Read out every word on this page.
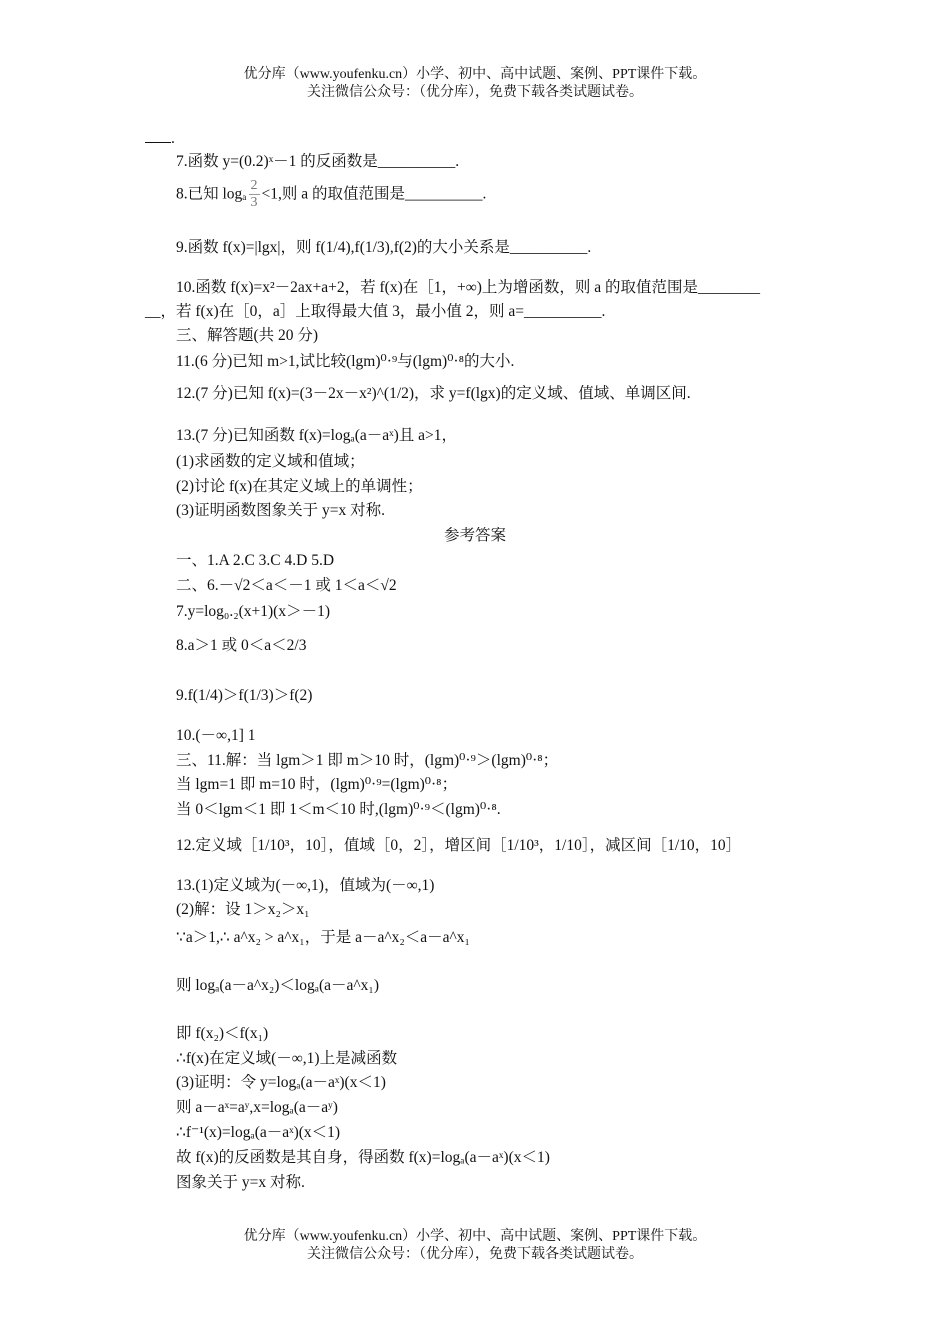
优分库（www.youfenku.cn）小学、初中、高中试题、案例、PPT课件下载。
关注微信公众号：（优分库），免费下载各类试题试卷。
.
7.函数 y=(0.2)ˣ－1 的反函数是__________.
8.已知 logₐ $\frac{2}{3} <1$,则 a 的取值范围是__________.
9.函数 f(x)=|lgx|，则 f(1/4),f(1/3),f(2)的大小关系是__________.
10.函数 f(x)=x²－2ax+a+2，若 f(x)在［1，+∞)上为增函数，则 a 的取值范围是________
__，若 f(x)在［0，a］上取得最大值 3，最小值 2，则 a=__________.
三、解答题(共 20 分)
11.(6 分)已知 m>1,试比较(lgm)⁰·⁹与(lgm)⁰·⁸的大小.
12.(7 分)已知 f(x)=(3－2x－x²)^(1/2)，求 y=f(lgx)的定义域、值域、单调区间.
13.(7 分)已知函数 f(x)=logₐ(a－aˣ)且 a>1，
(1)求函数的定义域和值域；
(2)讨论 f(x)在其定义域上的单调性；
(3)证明函数图象关于 y=x 对称.
参考答案
一、1.A 2.C 3.C 4.D 5.D
二、6.－√2＜a＜－1 或 1＜a＜√2
7.y=log₀.₂(x+1)(x＞－1)
8.a＞1 或 0＜a＜2/3
9.f(1/4)＞f(1/3)＞f(2)
10.(－∞,1] 1
三、11.解：当 lgm＞1 即 m＞10 时，(lgm)⁰·⁹＞(lgm)⁰·⁸；
当 lgm=1 即 m=10 时，(lgm)⁰·⁹=(lgm)⁰·⁸；
当 0＜lgm＜1 即 1＜m＜10 时,(lgm)⁰·⁹＜(lgm)⁰·⁸.
12.定义域［1/10³，10］，值域［0，2］，增区间［1/10³，1/10］，减区间［1/10，10］
13.(1)定义域为(－∞,1)，值域为(－∞,1)
(2)解：设 1＞x₂＞x₁
∵a＞1,∴ a^x₂ > a^x₁，于是 a－a^x₂＜a－a^x₁
则 logₐ(a－a^x₂)＜logₐ(a－a^x₁)
即 f(x₂)＜f(x₁)
∴f(x)在定义域(－∞,1)上是减函数
(3)证明：令 y=logₐ(a－aˣ)(x＜1)
则 a－aˣ=aʸ,x=logₐ(a－aʸ)
∴f⁻¹(x)=logₐ(a－aˣ)(x＜1)
故 f(x)的反函数是其自身，得函数 f(x)=logₐ(a－aˣ)(x＜1)
图象关于 y=x 对称.
优分库（www.youfenku.cn）小学、初中、高中试题、案例、PPT课件下载。
关注微信公众号：（优分库），免费下载各类试题试卷。
